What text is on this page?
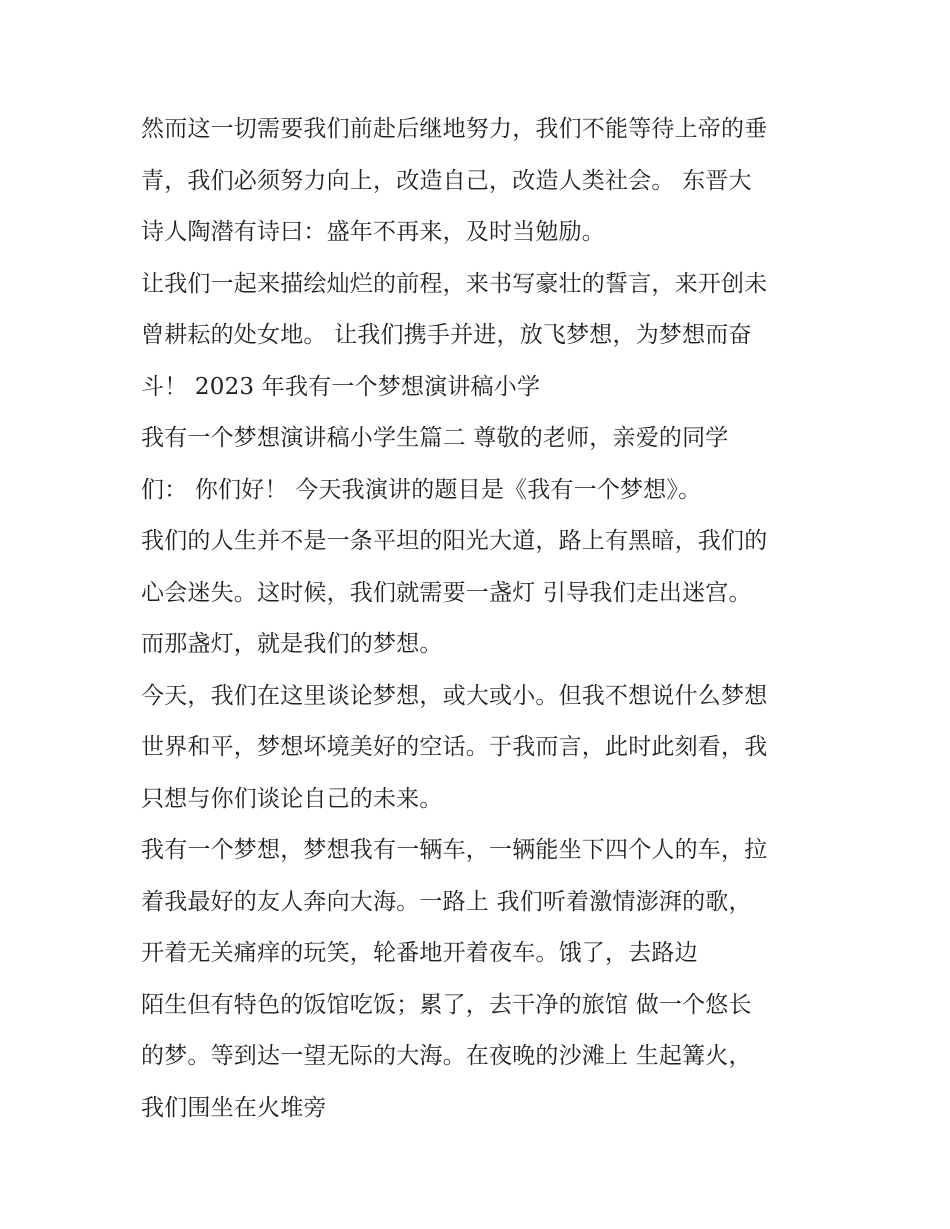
然而这一切需要我们前赴后继地努力，我们不能等待上帝的垂
青，我们必须努力向上，改造自己，改造人类社会。 东晋大
诗人陶潜有诗曰：盛年不再来，及时当勉励。
让我们一起来描绘灿烂的前程，来书写豪壮的誓言，来开创未
曾耕耘的处女地。 让我们携手并进，放飞梦想，为梦想而奋
斗！ 2023 年我有一个梦想演讲稿小学
我有一个梦想演讲稿小学生篇二 尊敬的老师，亲爱的同学
们： 你们好！ 今天我演讲的题目是《我有一个梦想》。
我们的人生并不是一条平坦的阳光大道，路上有黑暗，我们的
心会迷失。这时候，我们就需要一盏灯 引导我们走出迷宫。
而那盏灯，就是我们的梦想。
今天，我们在这里谈论梦想，或大或小。但我不想说什么梦想
世界和平，梦想坏境美好的空话。于我而言，此时此刻看，我
只想与你们谈论自己的未来。
我有一个梦想，梦想我有一辆车，一辆能坐下四个人的车，拉
着我最好的友人奔向大海。一路上 我们听着激情澎湃的歌，
开着无关痛痒的玩笑，轮番地开着夜车。饿了，去路边
陌生但有特色的饭馆吃饭；累了，去干净的旅馆 做一个悠长
的梦。等到达一望无际的大海。在夜晚的沙滩上 生起篝火，
我们围坐在火堆旁
